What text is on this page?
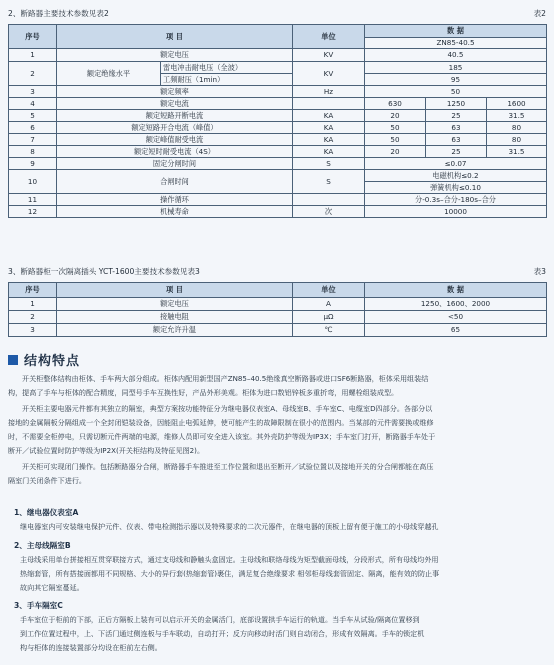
2、断路器主要技术参数见表2	表2
序号	项 目		单位	数 据		
				ZN85-40.5		
1	额定电压		KV	40.5		
2	额定绝缘水平	雷电冲击耐电压（全波）	KV	185		
		工频耐压（1min）		95		
3	额定频率		Hz	50		
4	额定电流			630	1250	1600
5	额定短路开断电流		KA	20	25	31.5
6	额定短路开合电流（峰值）		KA	50	63	80
7	额定峰值耐受电流		KA	50	63	80
8	额定短时耐受电流（4S）		KA	20	25	31.5
9	固定分闸时间		S	≤0.07		
10	合闸时间		S	电磁机构≤0.2		
				弹簧机构≤0.10		
11	操作循环			分-0.3s–合分-180s–合分		
12	机械寿命		次	10000		
3、断路器柜一次隔离插头 YCT-1600主要技术参数见表3	表3
序号	项 目	单位	数 据
1	额定电压	A	1250、1600、2000
2	接触电阻	μΩ	<50
3	额定允许升温	℃	65
结构特点

开关柜整体结构由柜体、手车两大部分组成。柜体内配用新型国产ZN85–40.5绝缘真空断路器或进口SF6断路器，柜体采用组装结
构，提高了手车与柜体的配合精度，同型号手车互换性好，产品外形美观。柜体为进口数铝锌板多重折弯，用螺栓组装成型。

开关柜主要电器元件都有其独立的隔室，典型方案按功能特征分为继电器仪表室A、母线室B、手车室C、电缆室D四部分。各部分以
接地的金属隔板分隔组成一个全封闭铠装设备，因能阻止电弧延伸，使可能产生的故障限制在很小的范围内。当某部的元件需要换或维修
时，不需要全柜停电，只需切断元件两端的电源，维修人员即可安全进入该室。其外壳防护等级为IP3X；手车室门打开，断路器手车处于
断开／试验位置时防护等级为IP2X(开关柜结构及特征见图2)。

开关柜可实现闭门操作。包括断路器分合闸，断路器手车推进至工作位置和退出至断开／试验位置以及接地开关的分合闸都能在高压
隔室门关闭条件下进行。

1、继电器仪表室A

继电器室内可安装继电保护元件、仪表、带电检测指示器以及特殊要求的二次元器件，在继电器的顶板上留有便于施工的小母线穿越孔

2、主母线隔室B

主母线采用单台拼接相互贯穿联接方式，通过支母线和静触头盒固定。主母线和联络母线为矩型截面母线，分段形式，所有母线均外用
热缩套管，所有搭接面都用不同规格、大小的异行套(热缩套管)裹住，满足复合绝缘要求 相邻柜母线套管固定、隔离，能有效的防止事
故向其它隔室蔓延。

3、手车隔室C

手车室位于柜前的下部，正后方隔板上装有可以启示开关的金属活门，底部设置拱手车运行的轨道。当手车从试验/隔离位置移到
到工作位置过程中，上、下活门通过侧连板与手车联动，自动打开；反方向移动时活门则自动闭合，形成有效隔离。手车的锁定机
构与柜体的连接装置部分均设在柜前左右侧。
